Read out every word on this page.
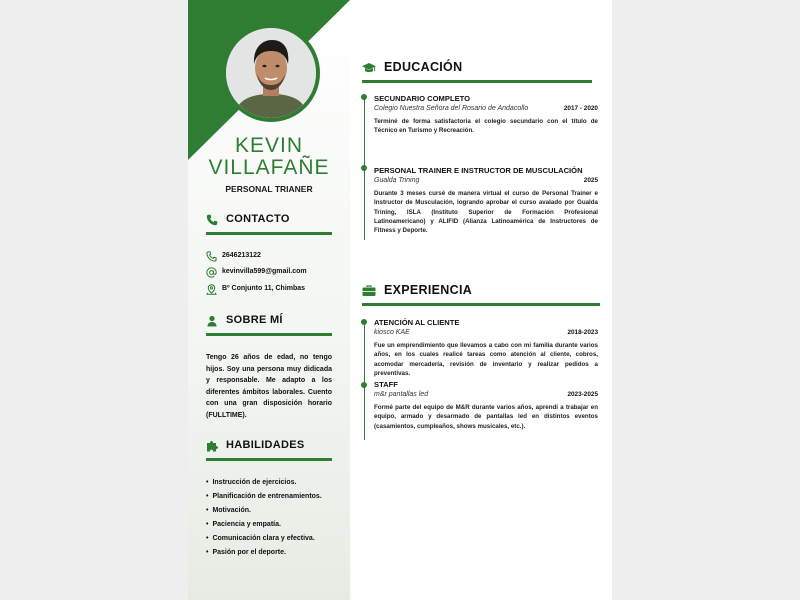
KEVIN
VILLAFAÑE
PERSONAL TRIANER
CONTACTO
2646213122
kevinvilla599@gmail.com
Bº Conjunto 11, Chimbas
SOBRE MÍ

Tengo 26 años de edad, no tengo hijos. Soy una persona muy didicada y responsable. Me adapto a los diferentes ámbitos laborales. Cuento con una gran disposición horario (FULLTIME).

HABILIDADES
• Instrucción de ejercicios.
• Planificación de entrenamientos.
• Motivación.
• Paciencia y empatía.
• Comunicación clara y efectiva.
• Pasión por el deporte.
EDUCACIÓN
SECUNDARIO COMPLETO
Colegio Nuestra Señora del Rosario de Andacollo	2017 - 2020
Terminé de forma satisfactoria el colegio secundario con el título de Técnico en Turismo y Recreación.
PERSONAL TRAINER E INSTRUCTOR DE MUSCULACIÓN
Gualda Trining	2025
Durante 3 meses cursé de manera virtual el curso de Personal Trainer e Instructor de Musculación, logrando aprobar el curso avalado por Gualda Trining, ISLA (Instituto Superior de Formación Profesional Latinoamericano) y ALIFID (Alianza Latinoamérica de Instructores de Fitness y Deporte.
EXPERIENCIA
ATENCIÓN AL CLIENTE
kiosco KAE	2018-2023
Fue un emprendimiento que llevamos a cabo con mi familia durante varios años, en los cuales realicé tareas como atención al cliente, cobros, acomodar mercadería, revisión de inventario y realizar pedidos a preventivas.
STAFF
m&r pantallas led	2023-2025
Formé parte del equipo de M&R durante varios años, aprendí a trabajar en equipo, armado y desarmado de pantallas led en distintos eventos (casamientos, cumpleaños, shows musicales, etc.).
